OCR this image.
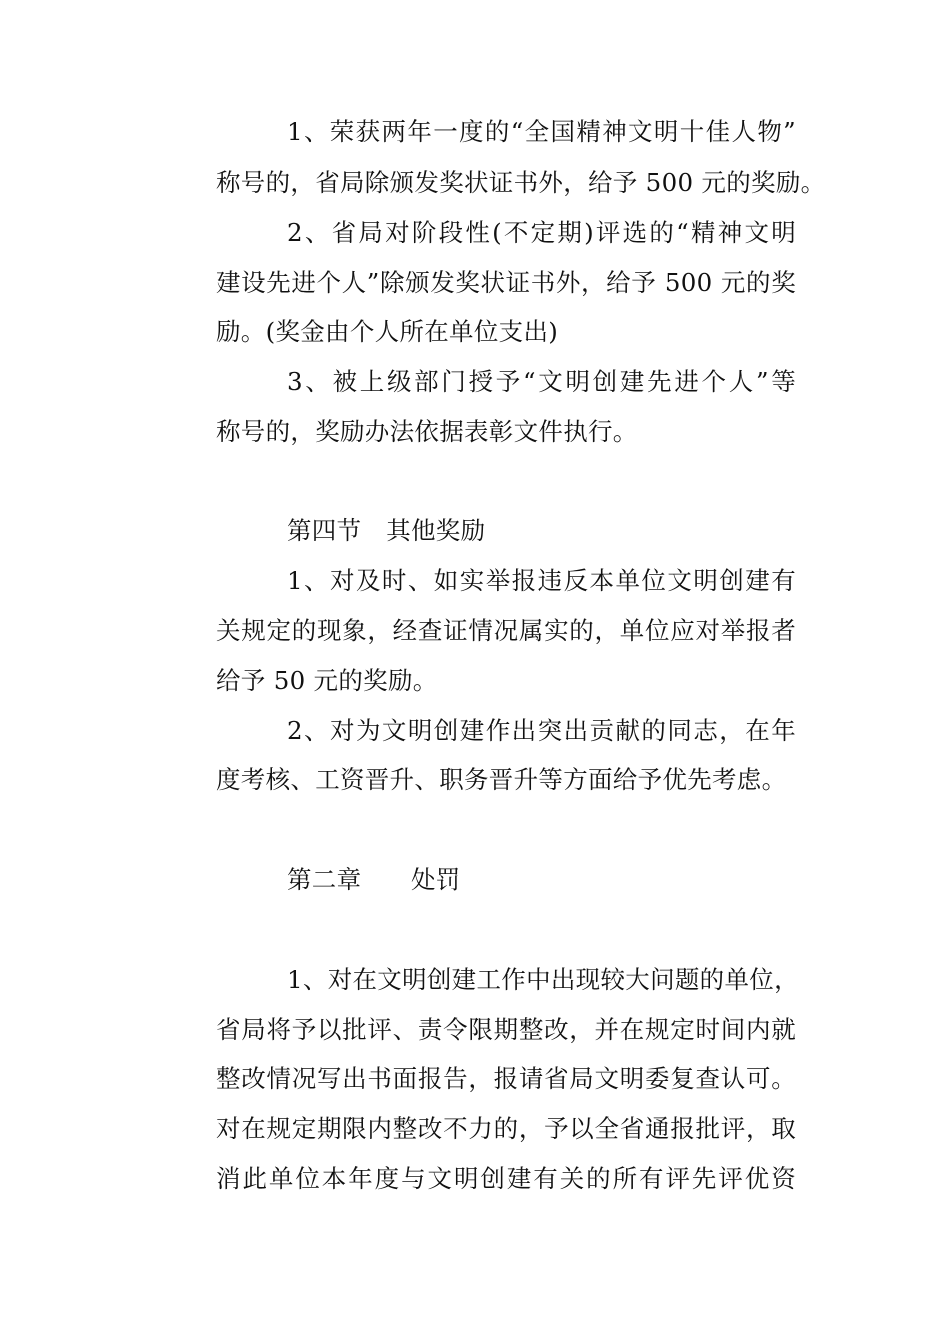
1、荣获两年一度的“全国精神文明十佳人物”
称号的，省局除颁发奖状证书外，给予 500 元的奖励。
2、省局对阶段性(不定期)评选的“精神文明
建设先进个人”除颁发奖状证书外，给予 500 元的奖
励。(奖金由个人所在单位支出)
3、被上级部门授予“文明创建先进个人”等
称号的，奖励办法依据表彰文件执行。
第四节　其他奖励
1、对及时、如实举报违反本单位文明创建有
关规定的现象，经查证情况属实的，单位应对举报者
给予 50 元的奖励。
2、对为文明创建作出突出贡献的同志，在年
度考核、工资晋升、职务晋升等方面给予优先考虑。
第二章　　处罚
1、对在文明创建工作中出现较大问题的单位，
省局将予以批评、责令限期整改，并在规定时间内就
整改情况写出书面报告，报请省局文明委复查认可。
对在规定期限内整改不力的，予以全省通报批评，取
消此单位本年度与文明创建有关的所有评先评优资
